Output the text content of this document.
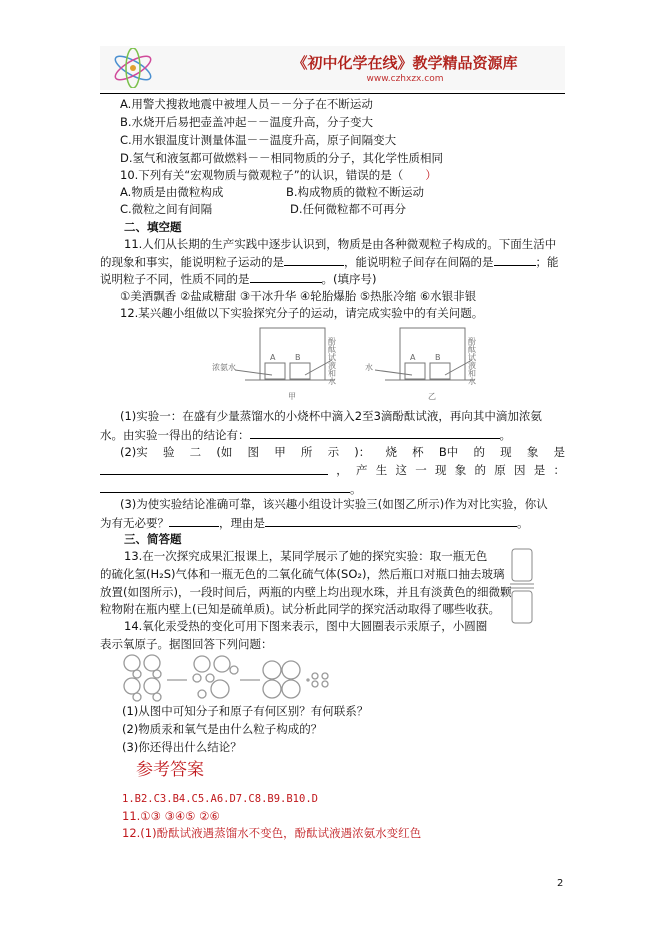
《初中化学在线》教学精品资源库
www.czhxzx.com
A.用警犬搜救地震中被埋人员－－分子在不断运动
B.水烧开后易把壶盖冲起－－温度升高，分子变大
C.用水银温度计测量体温－－温度升高，原子间隔变大
D.氢气和液氢都可做燃料－－相同物质的分子，其化学性质相同
10.下列有关“宏观物质与微观粒子”的认识，错误的是（ ）
A.物质是由微粒构成	B.构成物质的微粒不断运动
C.微粒之间有间隔	D.任何微粒都不可再分
二、填空题
11.人们从长期的生产实践中逐步认识到，物质是由各种微观粒子构成的。下面生活中
的现象和事实，能说明粒子运动的是	，能说明粒子间存在间隔的是	；能
说明粒子不同，性质不同的是	。(填序号)
①美酒飘香 ②盐咸糖甜 ③干冰升华 ④轮胎爆胎 ⑤热胀冷缩 ⑥水银非银
12.某兴趣小组做以下实验探究分子的运动，请完成实验中的有关问题。
A B	A B
浓氨水	水
酚酞试液和水	酚酞试液和水
甲	乙
(1)实验一：在盛有少量蒸馏水的小烧杯中滴入2至3滴酚酞试液，再向其中滴加浓氨
水。由实验一得出的结论有：	。
(2)实 验 二 (如 图 甲 所 示 )： 烧 杯 B中 的 现 象 是
， 产 生 这 一 现 象 的 原 因 是 ：
。
(3)为使实验结论准确可靠，该兴趣小组设计实验三(如图乙所示)作为对比实验，你认
为有无必要？	，理由是	。
三、简答题
13.在一次探究成果汇报课上，某同学展示了她的探究实验：取一瓶无色
的硫化氢(H₂S)气体和一瓶无色的二氧化硫气体(SO₂)，然后瓶口对瓶口抽去玻璃
放置(如图所示)，一段时间后，两瓶的内壁上均出现水珠，并且有淡黄色的细微颗
粒物附在瓶内壁上(已知是硫单质)。试分析此同学的探究活动取得了哪些收获。
14.氧化汞受热的变化可用下图来表示，图中大圆圈表示汞原子，小圆圈
表示氧原子。据图回答下列问题：
(1)从图中可知分子和原子有何区别？有何联系？
(2)物质汞和氧气是由什么粒子构成的？
(3)你还得出什么结论？
参考答案
1.B2.C3.B4.C5.A6.D7.C8.B9.B10.D
11.①③ ③④⑤ ②⑥
12.(1)酚酞试液遇蒸馏水不变色，酚酞试液遇浓氨水变红色
2
